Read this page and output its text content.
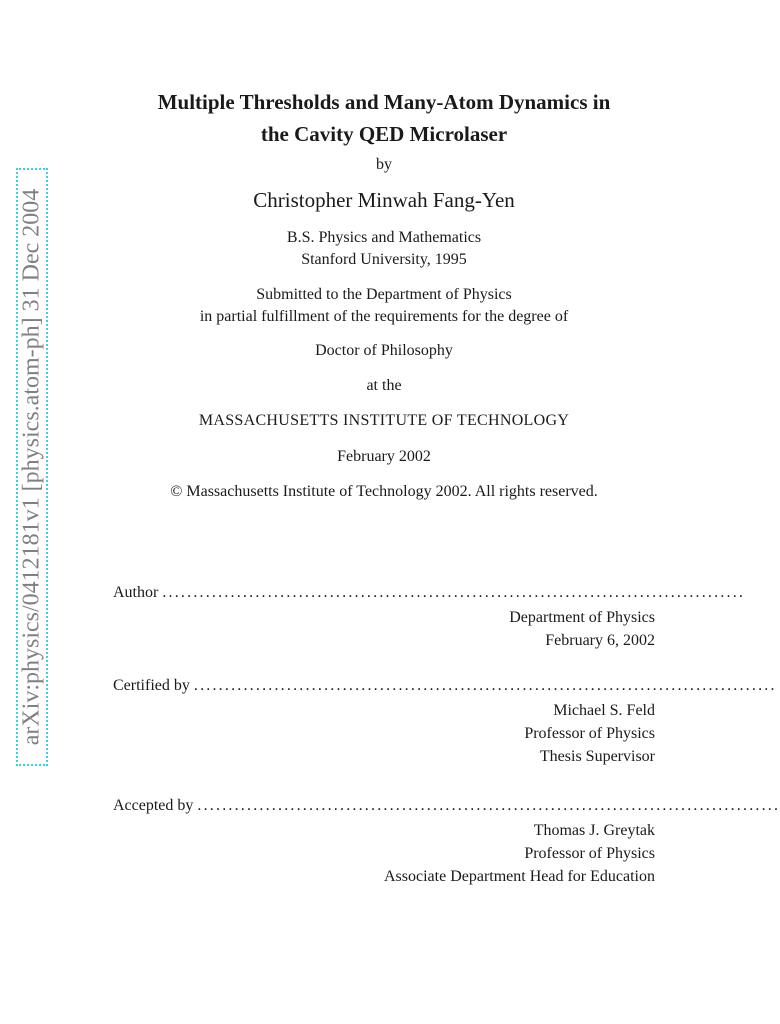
arXiv:physics/0412181v1 [physics.atom-ph] 31 Dec 2004
Multiple Thresholds and Many-Atom Dynamics in
the Cavity QED Microlaser
by
Christopher Minwah Fang-Yen
B.S. Physics and Mathematics
Stanford University, 1995
Submitted to the Department of Physics
in partial fulfillment of the requirements for the degree of
Doctor of Philosophy
at the
MASSACHUSETTS INSTITUTE OF TECHNOLOGY
February 2002
© Massachusetts Institute of Technology 2002. All rights reserved.
Author ..............................................................................................
Department of Physics
February 6, 2002
Certified by ..............................................................................................
Michael S. Feld
Professor of Physics
Thesis Supervisor
Accepted by ..............................................................................................
Thomas J. Greytak
Professor of Physics
Associate Department Head for Education
